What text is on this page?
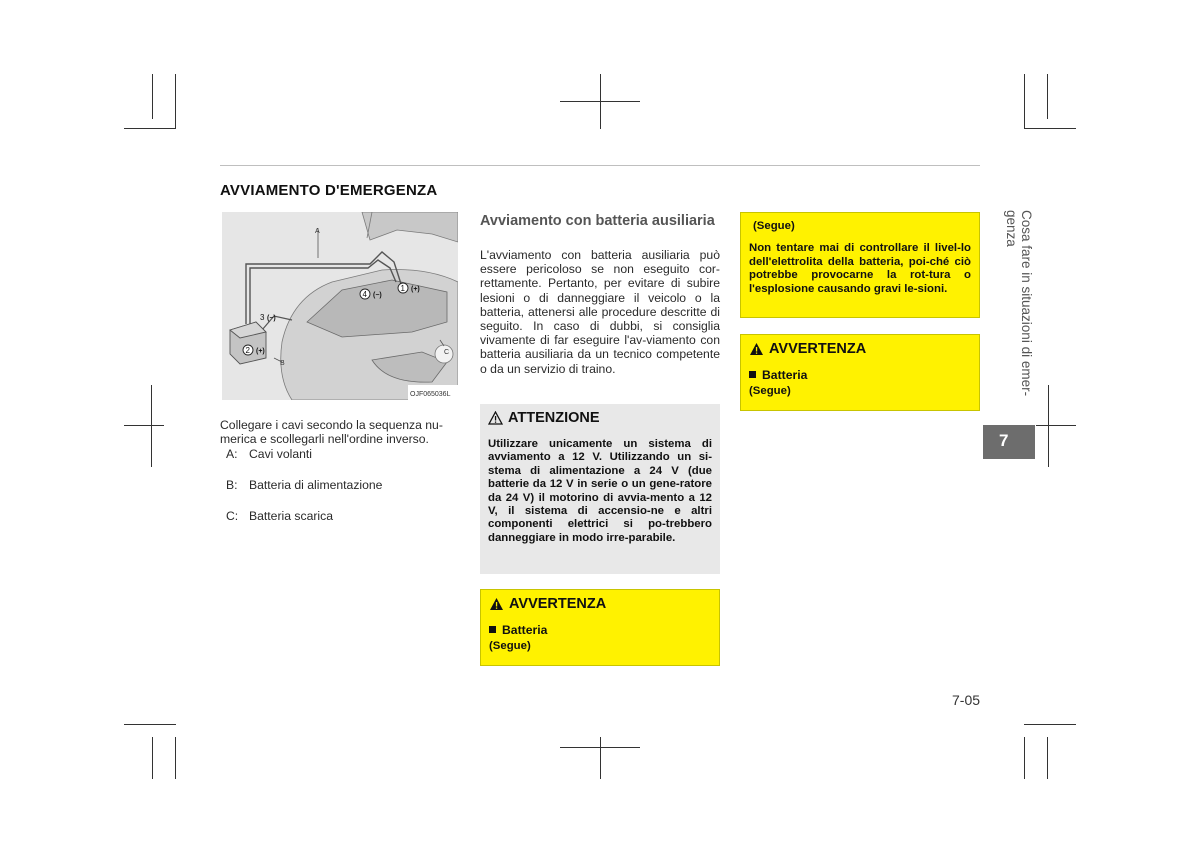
AVVIAMENTO D'EMERGENZA
A
B
C
1 (+)
2 (+)
3 (−)
4 (−)
OJF065036L
Collegare i cavi secondo la sequenza nu-merica e scollegarli nell'ordine inverso.
A: Cavi volanti
B: Batteria di alimentazione
C: Batteria scarica
Avviamento con batteria ausiliaria
L'avviamento con batteria ausiliaria può essere pericoloso se non eseguito cor-rettamente. Pertanto, per evitare di subire lesioni o di danneggiare il veicolo o la batteria, attenersi alle procedure descritte di seguito. In caso di dubbi, si consiglia vivamente di far eseguire l'av-viamento con batteria ausiliaria da un tecnico competente o da un servizio di traino.
ATTENZIONE
Utilizzare unicamente un sistema di avviamento a 12 V. Utilizzando un si-stema di alimentazione a 24 V (due batterie da 12 V in serie o un gene-ratore da 24 V) il motorino di avvia-mento a 12 V, il sistema di accensio-ne e altri componenti elettrici si po-trebbero danneggiare in modo irre-parabile.
AVVERTENZA
Batteria
(Segue)
(Segue)
Non tentare mai di controllare il livel-lo dell'elettrolita della batteria, poi-ché ciò potrebbe provocarne la rot-tura o l'esplosione causando gravi le-sioni.
AVVERTENZA
Batteria
(Segue)	Cosa fare in situazioni di emer-genza
7
7-05
